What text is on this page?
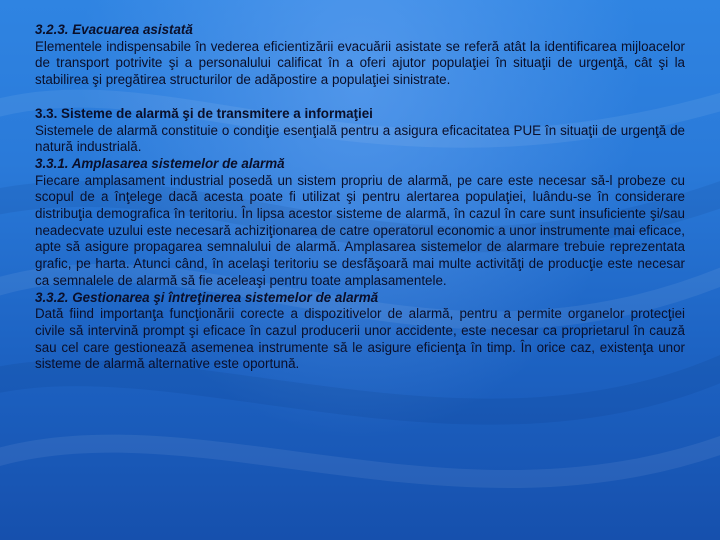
3.2.3. Evacuarea asistată

Elementele indispensabile în vederea eficientizării evacuării asistate se referă atât la identificarea mijloacelor de transport potrivite şi a personalului calificat în a oferi ajutor populaţiei în situaţii de urgenţă, cât şi la stabilirea şi pregătirea structurilor de adăpostire a populaţiei sinistrate.

3.3. Sisteme de alarmă şi de transmitere a informaţiei

Sistemele de alarmă constituie o condiţie esenţială pentru a asigura eficacitatea PUE în situaţii de urgenţă de natură industrială.

3.3.1. Amplasarea sistemelor de alarmă

Fiecare amplasament industrial posedă un sistem propriu de alarmă, pe care este necesar să-l probeze cu scopul de a înţelege dacă acesta poate fi utilizat şi pentru alertarea populaţiei, luându-se în considerare distribuţia demografica în teritoriu. În lipsa acestor sisteme de alarmă, în cazul în care sunt insuficiente şi/sau neadecvate uzului este necesară achiziţionarea de catre operatorul economic a unor instrumente mai eficace, apte să asigure propagarea semnalului de alarmă. Amplasarea sistemelor de alarmare trebuie reprezentata grafic, pe harta. Atunci când, în acelaşi teritoriu se desfăşoară mai multe activităţi de producţie este necesar ca semnalele de alarmă să fie aceleaşi pentru toate amplasamentele.

3.3.2. Gestionarea şi întreţinerea sistemelor de alarmă

Dată fiind importanţa funcţionării corecte a dispozitivelor de alarmă, pentru a permite organelor protecţiei civile să intervină prompt şi eficace în cazul producerii unor accidente, este necesar ca proprietarul în cauză sau cel care gestionează asemenea instrumente să le asigure eficienţa în timp. În orice caz, existenţa unor sisteme de alarmă alternative este oportună.
